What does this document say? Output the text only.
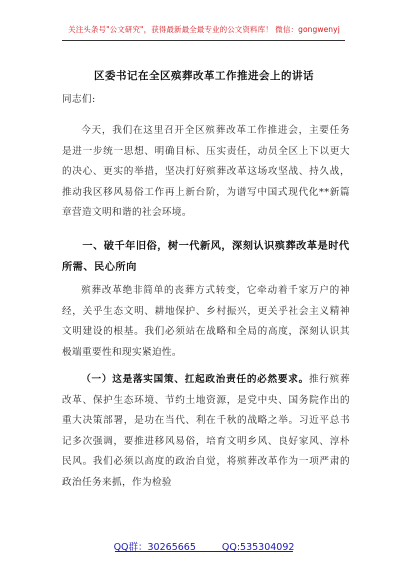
关注头条号"公文研究"，获得最新最全最专业的公文资料库！ 微信：gongwenyj
区委书记在全区殡葬改革工作推进会上的讲话
同志们:
今天，我们在这里召开全区殡葬改革工作推进会，主要任务是进一步统一思想、明确目标、压实责任，动员全区上下以更大的决心、更实的举措，坚决打好殡葬改革这场攻坚战、持久战，推动我区移风易俗工作再上新台阶，为谱写中国式现代化**新篇章营造文明和谐的社会环境。
一、破千年旧俗，树一代新风，深刻认识殡葬改革是时代所需、民心所向
殡葬改革绝非简单的丧葬方式转变，它牵动着千家万户的神经，关乎生态文明、耕地保护、乡村振兴，更关乎社会主义精神文明建设的根基。我们必须站在战略和全局的高度，深刻认识其极端重要性和现实紧迫性。
（一）这是落实国策、扛起政治责任的必然要求。推行殡葬改革、保护生态环境、节约土地资源，是党中央、国务院作出的重大决策部署，是功在当代、利在千秋的战略之举。习近平总书记多次强调，要推进移风易俗，培育文明乡风、良好家风、淳朴民风。我们必须以高度的政治自觉，将殡葬改革作为一项严肃的政治任务来抓，作为检验
QQ群：30265665	QQ:535304092
